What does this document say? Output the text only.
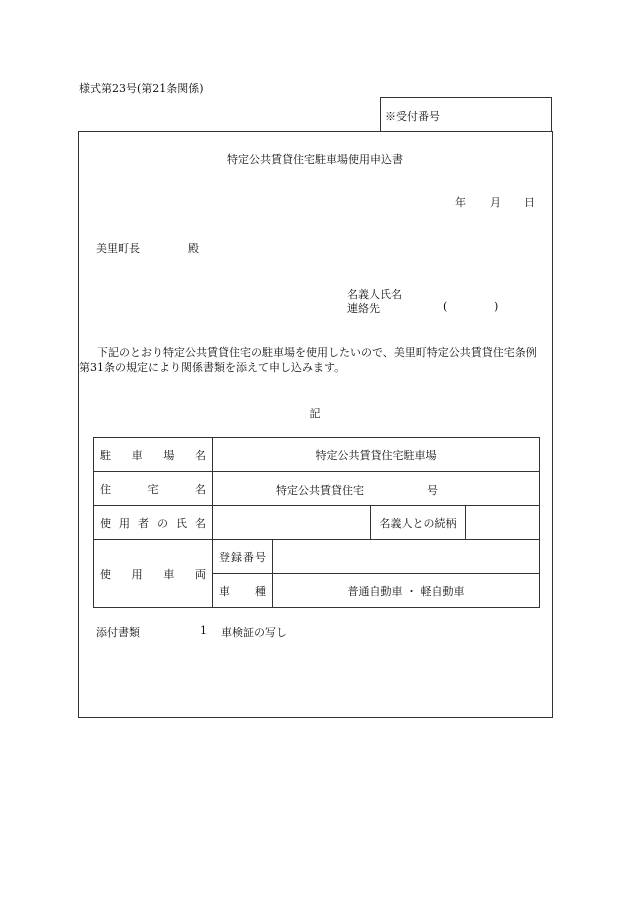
様式第23号(第21条関係)
※受付番号
特定公共賃貸住宅駐車場使用申込書
年 月 日
美里町長	殿
名義人氏名
連絡先	(	)
下記のとおり特定公共賃貸住宅の駐車場を使用したいので、美里町特定公共賃貸住宅条例第31条の規定により関係書類を添えて申し込みます。
記
駐車場名	特定公共賃貸住宅駐車場			
住宅名	特定公共賃貸住宅 号			

使用者の氏名			名義人との続柄	
使用車両	登録番号			
	車種	普通自動車 ・ 軽自動車		
添付書類	1 車検証の写し
